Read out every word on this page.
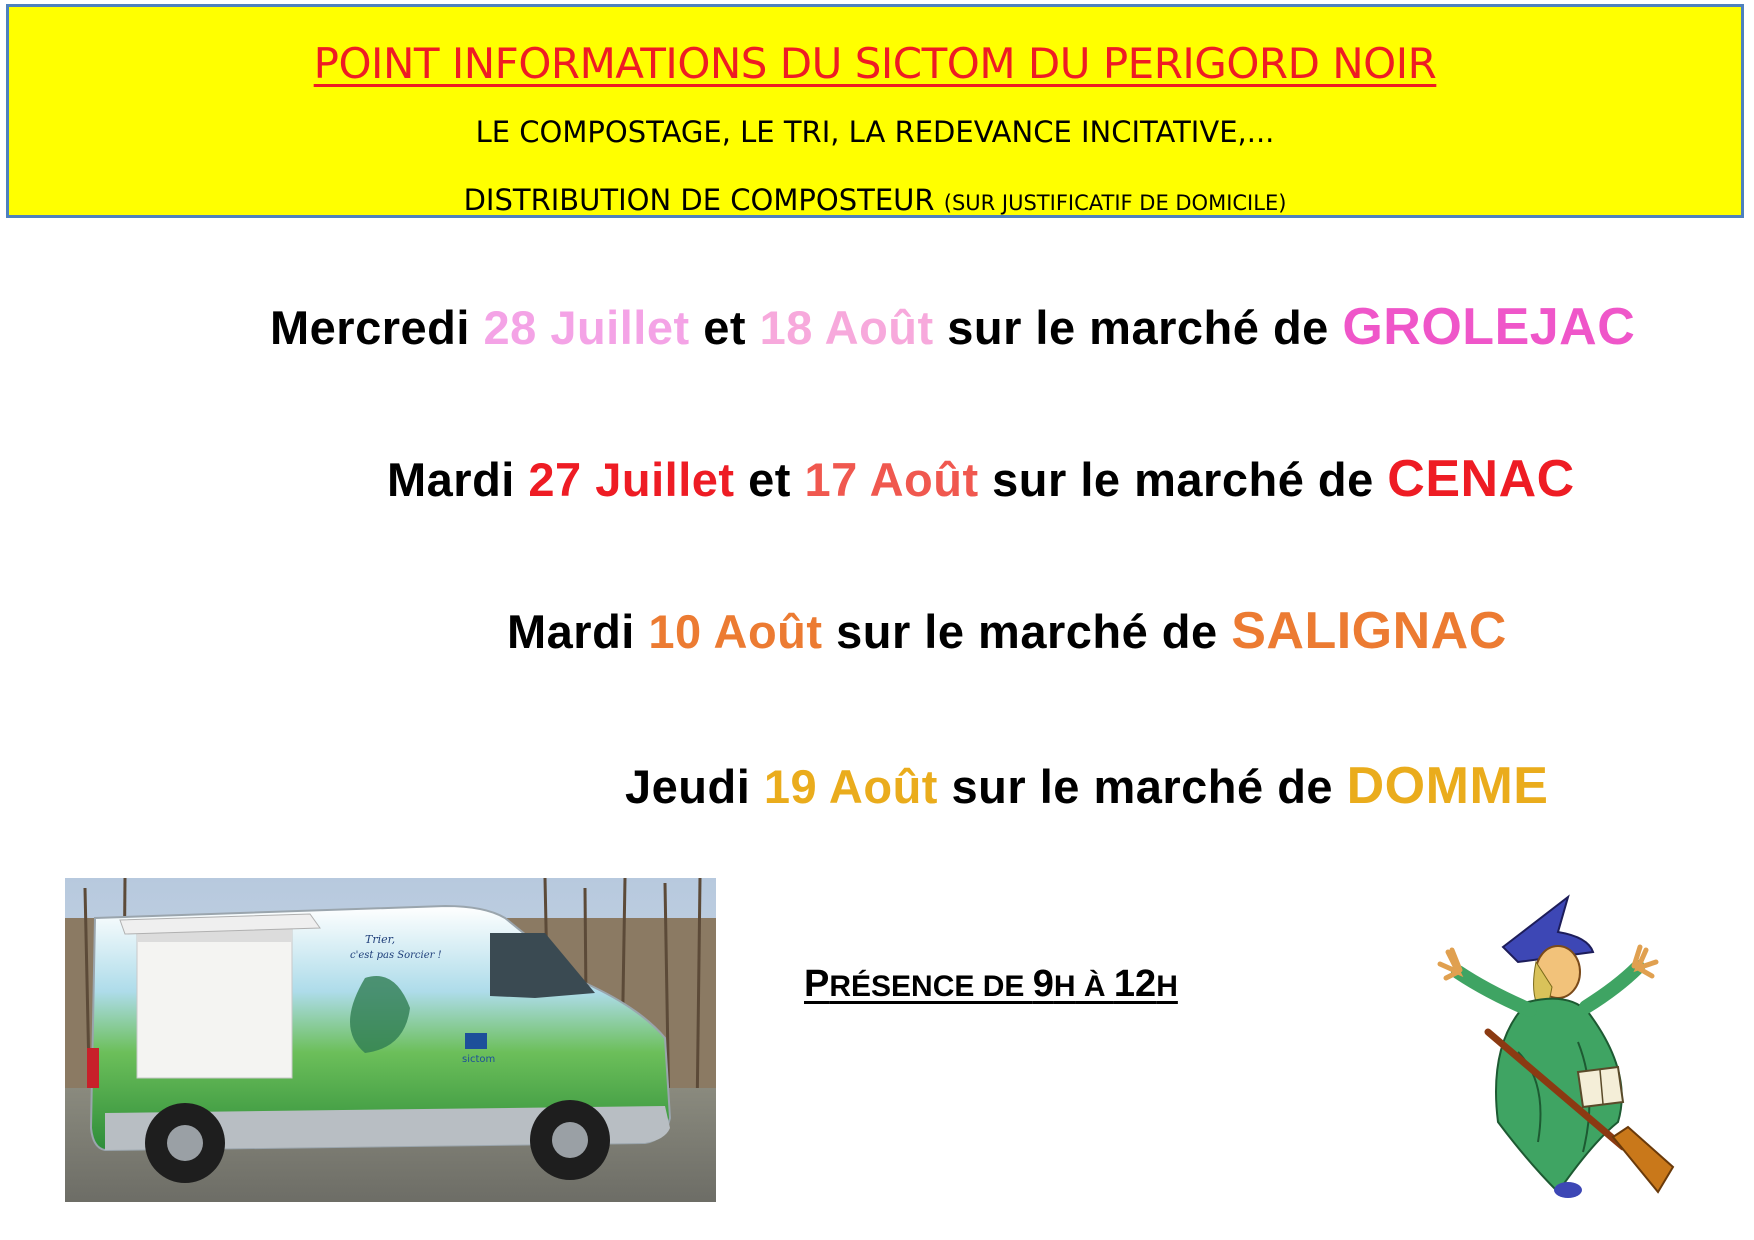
POINT INFORMATIONS DU SICTOM DU PERIGORD NOIR
LE COMPOSTAGE, LE TRI, LA REDEVANCE INCITATIVE,...
DISTRIBUTION DE COMPOSTEUR (SUR JUSTIFICATIF DE DOMICILE)
Mercredi 28 Juillet et 18 Août sur le marché de GROLEJAC
Mardi 27 Juillet et 17 Août sur le marché de CENAC
Mardi 10 Août sur le marché de SALIGNAC
Jeudi 19 Août sur le marché de DOMME
PRÉSENCE DE 9H À 12H
Trier,
c'est pas Sorcier !
sictom
